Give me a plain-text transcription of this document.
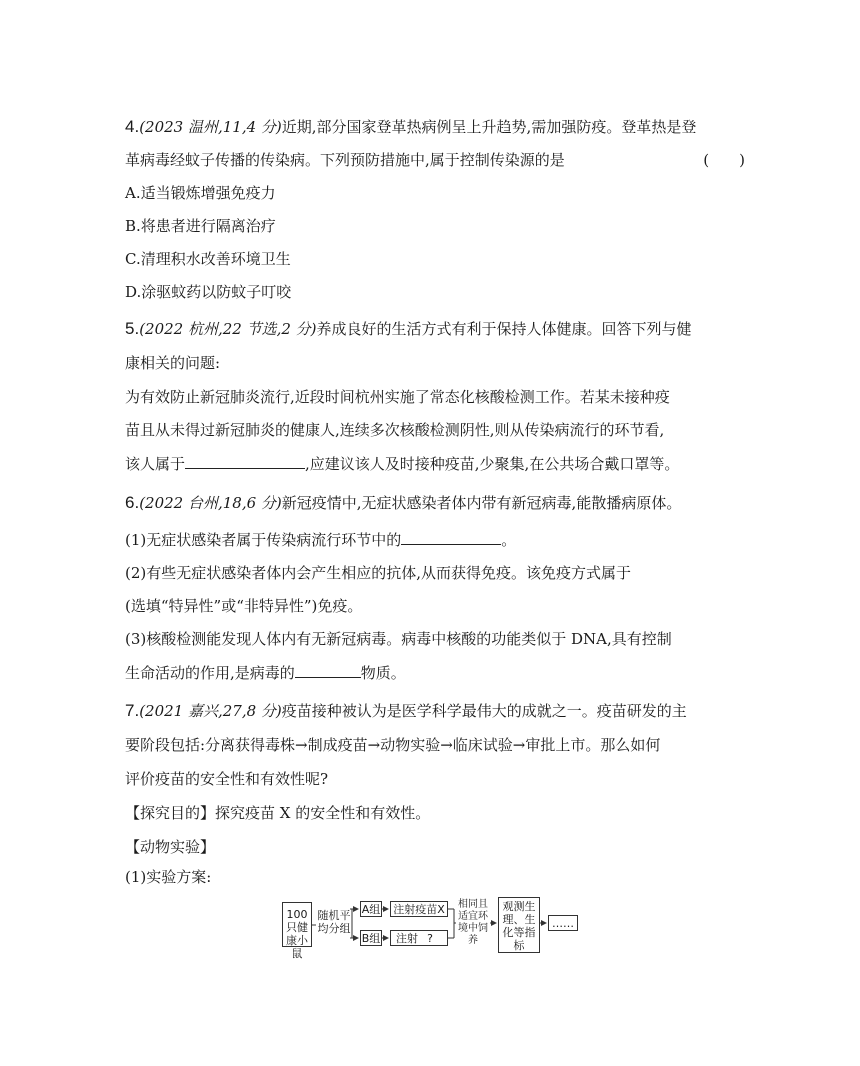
4.(2023 温州,11,4 分)近期,部分国家登革热病例呈上升趋势,需加强防疫。登革热是登
革病毒经蚊子传播的传染病。下列预防措施中,属于控制传染源的是	(　　)
A.适当锻炼增强免疫力
B.将患者进行隔离治疗
C.清理积水改善环境卫生
D.涂驱蚊药以防蚊子叮咬
5.(2022 杭州,22 节选,2 分)养成良好的生活方式有利于保持人体健康。回答下列与健
康相关的问题:
为有效防止新冠肺炎流行,近段时间杭州实施了常态化核酸检测工作。若某未接种疫
苗且从未得过新冠肺炎的健康人,连续多次核酸检测阴性,则从传染病流行的环节看,
该人属于	,应建议该人及时接种疫苗,少聚集,在公共场合戴口罩等。
6.(2022 台州,18,6 分)新冠疫情中,无症状感染者体内带有新冠病毒,能散播病原体。
(1)无症状感染者属于传染病流行环节中的	。
(2)有些无症状感染者体内会产生相应的抗体,从而获得免疫。该免疫方式属于
(选填“特异性”或“非特异性”)免疫。
(3)核酸检测能发现人体内有无新冠病毒。病毒中核酸的功能类似于 DNA,具有控制
生命活动的作用,是病毒的	物质。
7.(2021 嘉兴,27,8 分)疫苗接种被认为是医学科学最伟大的成就之一。疫苗研发的主
要阶段包括:分离获得毒株→制成疫苗→动物实验→临床试验→审批上市。那么如何
评价疫苗的安全性和有效性呢?
【探究目的】探究疫苗 X 的安全性和有效性。
【动物实验】
(1)实验方案:
100只健康小鼠
随机平均分组
A组 注射疫苗X
B组	注射 ?
相同且适宜环境中饲养
观测生理、生化等指标
……
